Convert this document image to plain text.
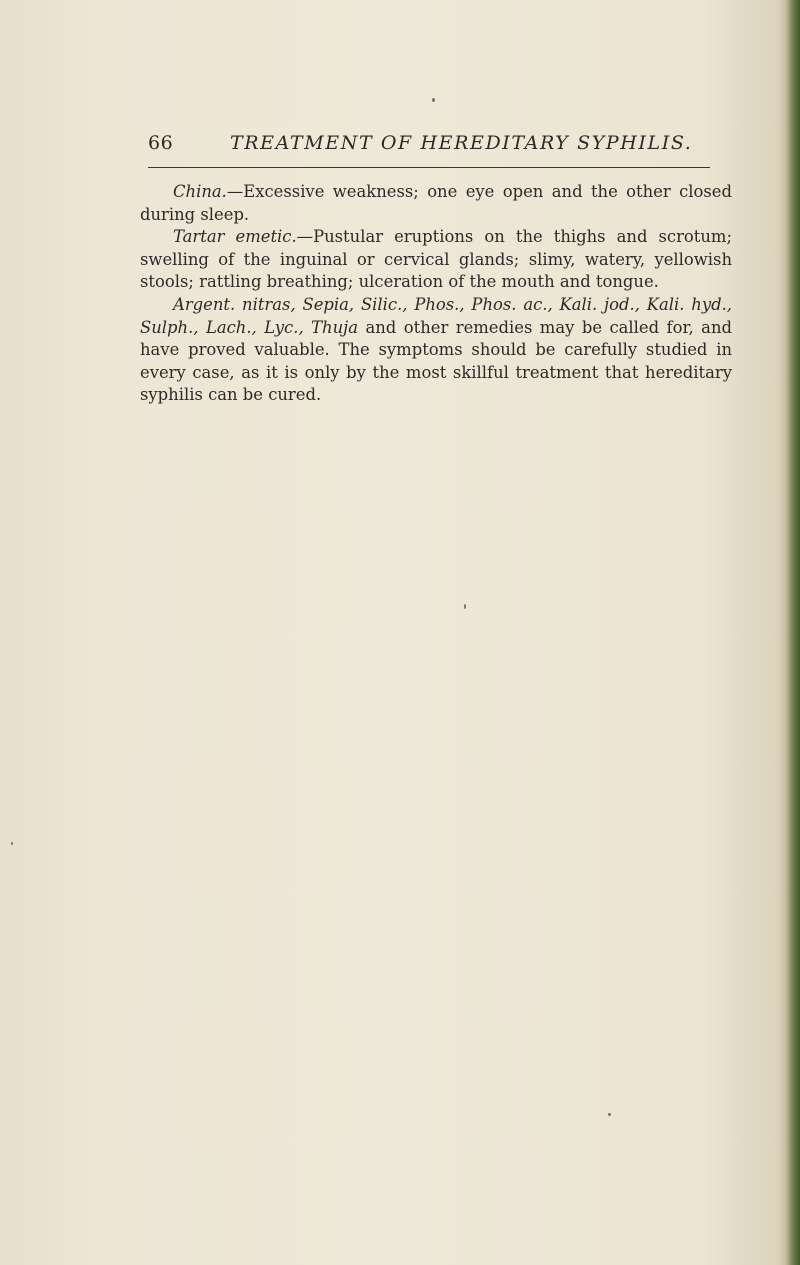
66	TREATMENT OF HEREDITARY SYPHILIS.

China.—Excessive weakness; one eye open and the other closed during sleep.

Tartar emetic.—Pustular eruptions on the thighs and scrotum; swelling of the inguinal or cervical glands; slimy, watery, yellowish stools; rattling breathing; ulceration of the mouth and tongue.

Argent. nitras, Sepia, Silic., Phos., Phos. ac., Kali. jod., Kali. hyd., Sulph., Lach., Lyc., Thuja and other remedies may be called for, and have proved valuable. The symptoms should be carefully studied in every case, as it is only by the most skillful treatment that hereditary syphilis can be cured.
